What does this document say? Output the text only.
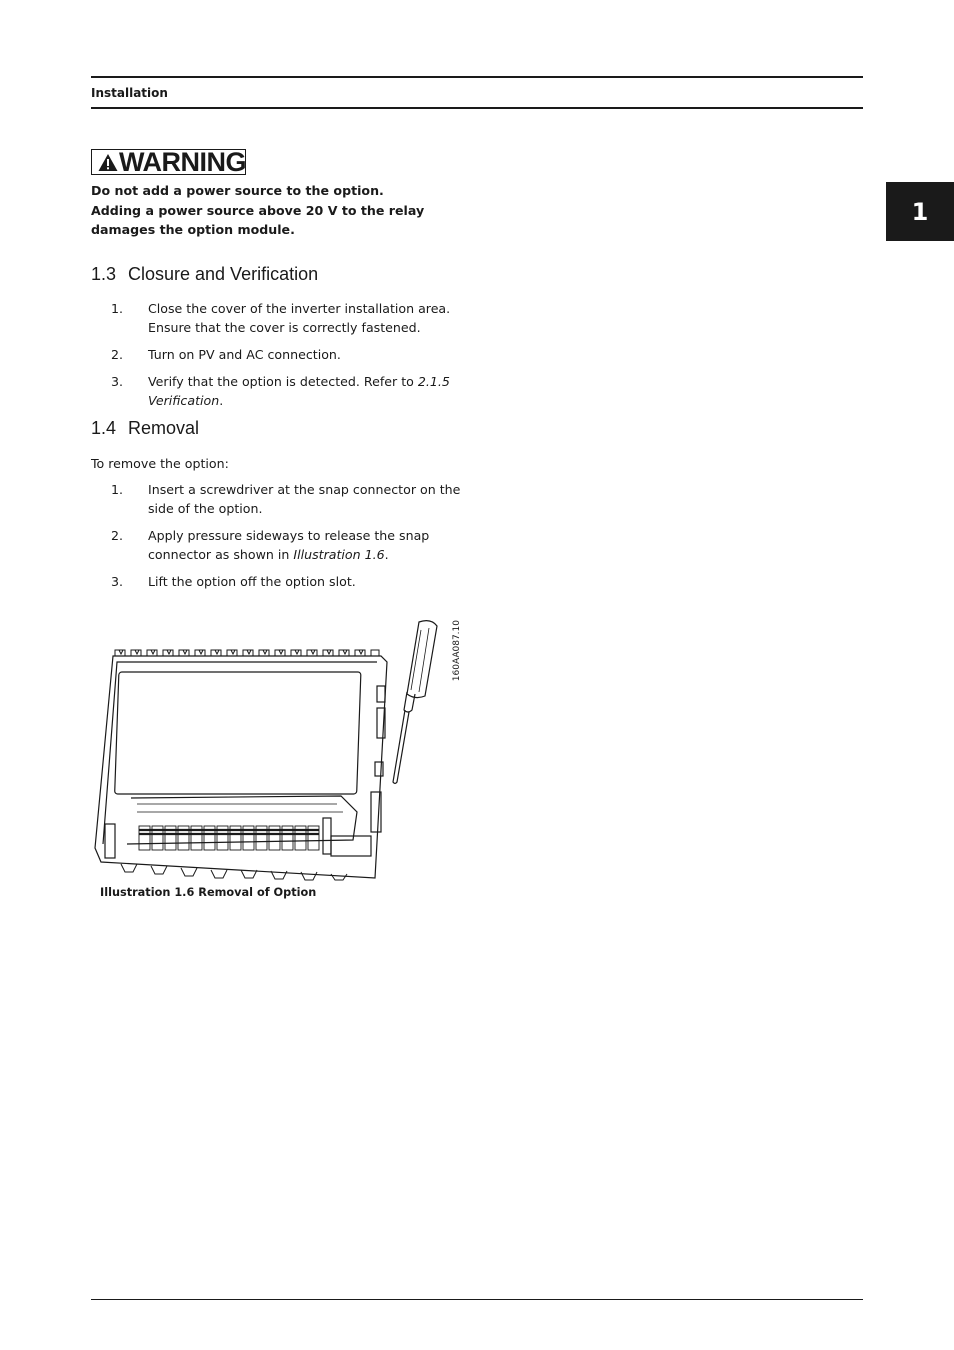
Installation
1
WARNING
Do not add a power source to the option. Adding a power source above 20 V to the relay damages the option module.
1.3 Closure and Verification
1. Close the cover of the inverter installation area. Ensure that the cover is correctly fastened.
2. Turn on PV and AC connection.
3. Verify that the option is detected. Refer to 2.1.5 Verification.
1.4 Removal
To remove the option:
1. Insert a screwdriver at the snap connector on the side of the option.
2. Apply pressure sideways to release the snap connector as shown in Illustration 1.6.
3. Lift the option off the option slot.
160AA087.10
Illustration 1.6 Removal of Option
